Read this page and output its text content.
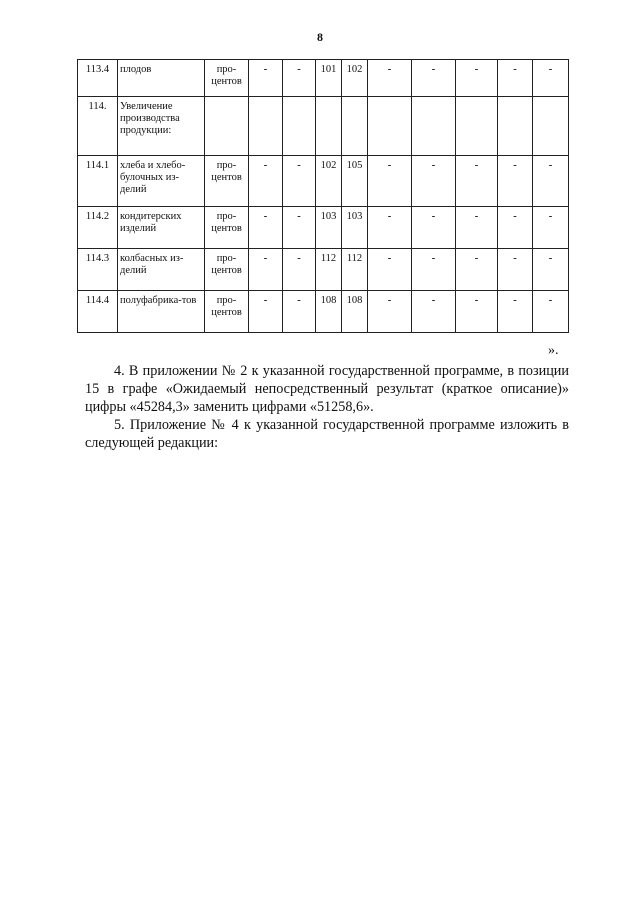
8
113.4	плодов	про-центов	-	-	101	102	-	-	-	-	-
114.	Увеличение производства продукции:										
114.1	хлеба и хлебо-булочных из-делий	про-центов	-	-	102	105	-	-	-	-	-
114.2	кондитерских изделий	про-центов	-	-	103	103	-	-	-	-	-
114.3	колбасных из-делий	про-центов	-	-	112	112	-	-	-	-	-
114.4	полуфабрика-тов	про-центов	-	-	108	108	-	-	-	-	-
».

4. В приложении № 2 к указанной государственной программе, в позиции 15 в графе «Ожидаемый непосредственный результат (краткое описание)» цифры «45284,3» заменить цифрами «51258,6».

5. Приложение № 4 к указанной государственной программе изложить в следующей редакции:
